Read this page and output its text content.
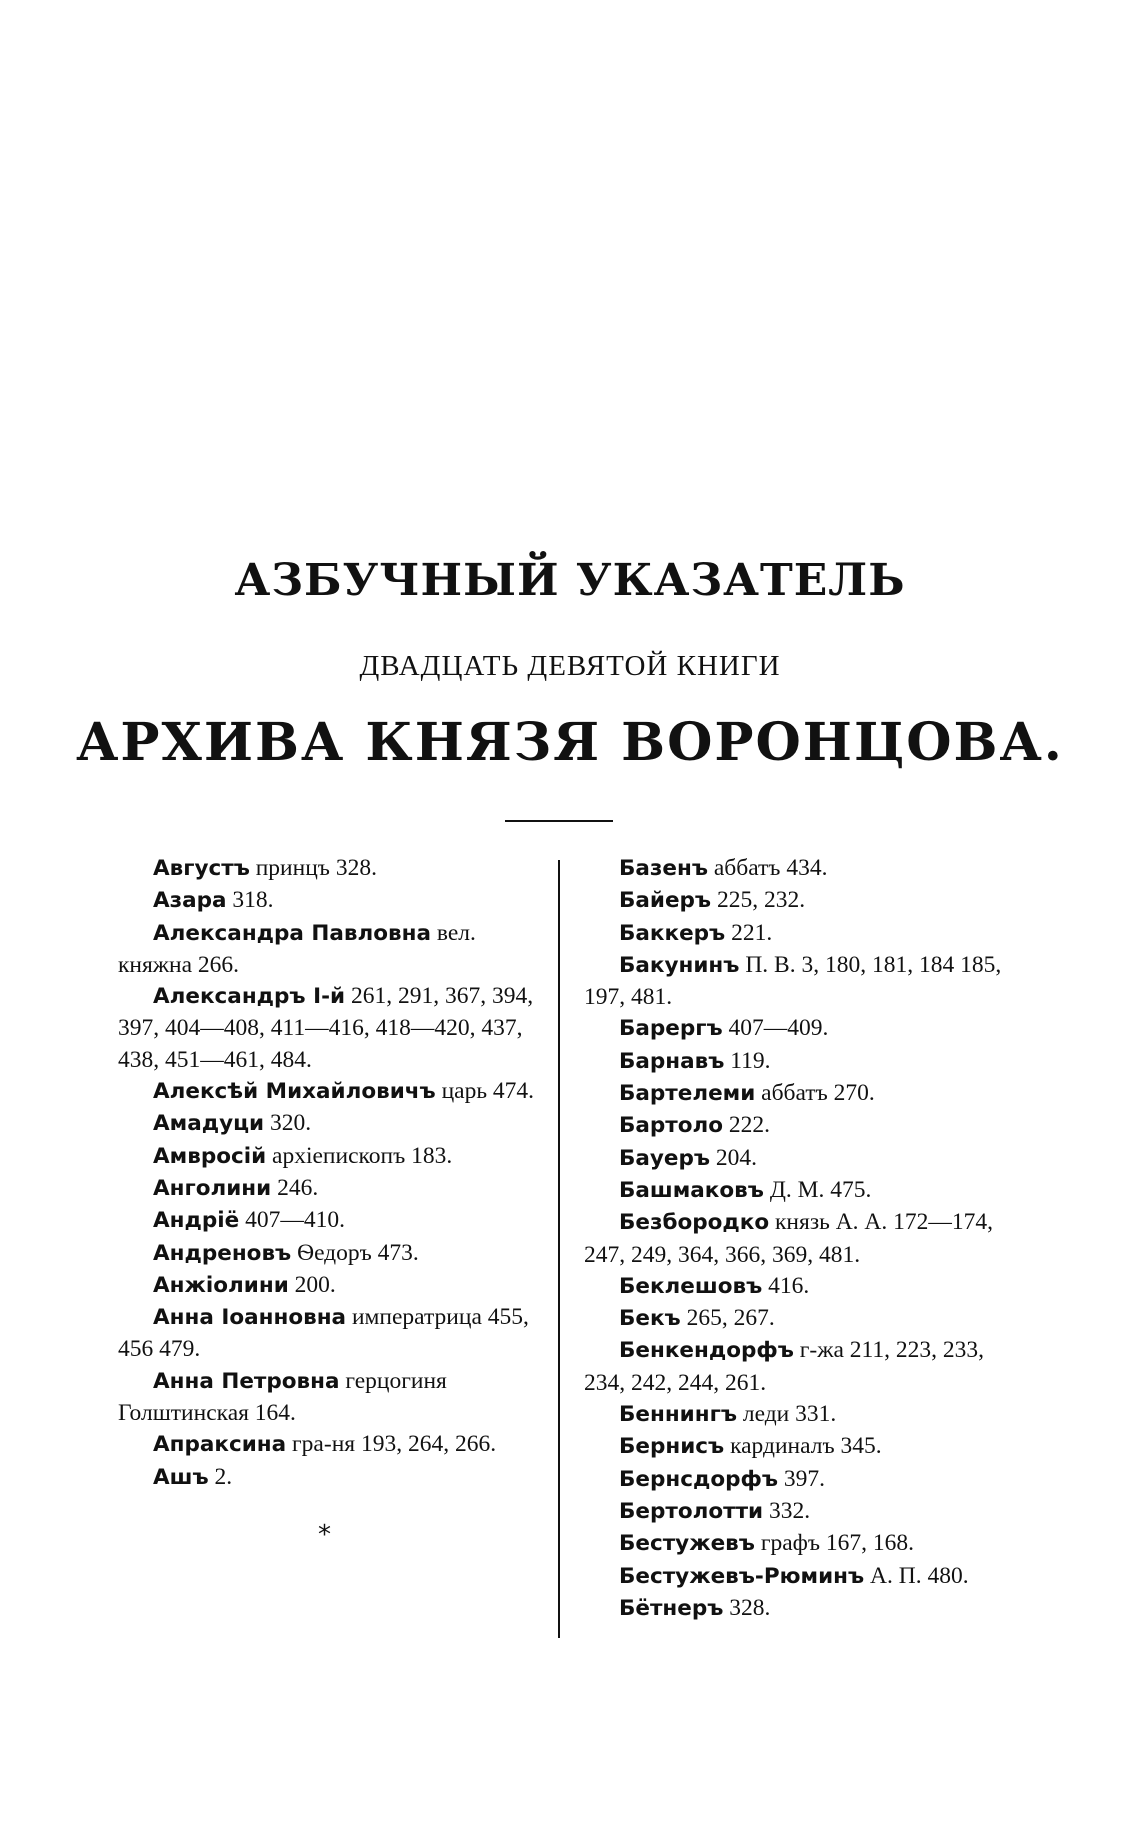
АЗБУЧНЫЙ УКАЗАТЕЛЬ
ДВАДЦАТЬ ДЕВЯТОЙ КНИГИ
АРХИВА КНЯЗЯ ВОРОНЦОВА.
Августъ принцъ 328.
Азара 318.
Александра Павловна вел. княжна 266.
Александръ I-й 261, 291, 367, 394, 397, 404—408, 411—416, 418—420, 437, 438, 451—461, 484.
Алексѣй Михайловичъ царь 474.
Амадуци 320.
Амвросій архіепископъ 183.
Анголини 246.
Андріё 407—410.
Андреновъ Ѳедоръ 473.
Анжіолини 200.
Анна Іоанновна императрица 455, 456 479.
Анна Петровна герцогиня Голштинская 164.
Апраксина гра-ня 193, 264, 266.
Ашъ 2.
*
Базенъ аббатъ 434.
Байеръ 225, 232.
Баккеръ 221.
Бакунинъ П. В. 3, 180, 181, 184 185, 197, 481.
Барергъ 407—409.
Барнавъ 119.
Бартелеми аббатъ 270.
Бартоло 222.
Бауеръ 204.
Башмаковъ Д. М. 475.
Безбородко князь А. А. 172—174, 247, 249, 364, 366, 369, 481.
Беклешовъ 416.
Бекъ 265, 267.
Бенкендорфъ г-жа 211, 223, 233, 234, 242, 244, 261.
Беннингъ леди 331.
Бернисъ кардиналъ 345.
Бернсдорфъ 397.
Бертолотти 332.
Бестужевъ графъ 167, 168.
Бестужевъ-Рюминъ А. П. 480.
Бётнеръ 328.
